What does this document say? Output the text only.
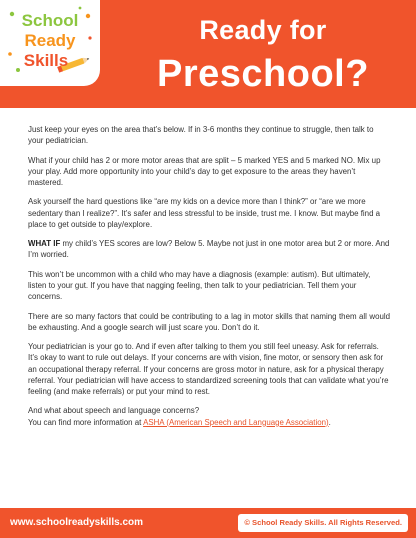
School
Ready
Skills
Ready for
Preschool?

Just keep your eyes on the area that’s below. If in 3-6 months they continue to struggle, then talk to your pediatrician.

What if your child has 2 or more motor areas that are split – 5 marked YES and 5 marked NO. Mix up your play. Add more opportunity into your child’s day to get exposure to the areas they haven’t mastered.

Ask yourself the hard questions like “are my kids on a device more than I think?” or “are we more sedentary than I realize?”. It’s safer and less stressful to be inside, trust me. I know. But maybe find a place to get outside to play/explore.

WHAT IF my child’s YES scores are low? Below 5. Maybe not just in one motor area but 2 or more. And I’m worried.

This won’t be uncommon with a child who may have a diagnosis (example: autism). But ultimately, listen to your gut. If you have that nagging feeling, then talk to your pediatrician. Tell them your concerns.

There are so many factors that could be contributing to a lag in motor skills that naming them all would be exhausting. And a google search will just scare you. Don’t do it.

Your pediatrician is your go to. And if even after talking to them you still feel uneasy. Ask for referrals. It’s okay to want to rule out delays. If your concerns are with vision, fine motor, or sensory then ask for an occupational therapy referral. If your concerns are gross motor in nature, ask for a physical therapy referral. Your pediatrician will have access to standardized screening tools that can validate what you’re feeling (and make referrals) or put your mind to rest.

And what about speech and language concerns?
You can find more information at ASHA (American Speech and Language Association).

www.schoolreadyskills.com	© School Ready Skills. All Rights Reserved.
